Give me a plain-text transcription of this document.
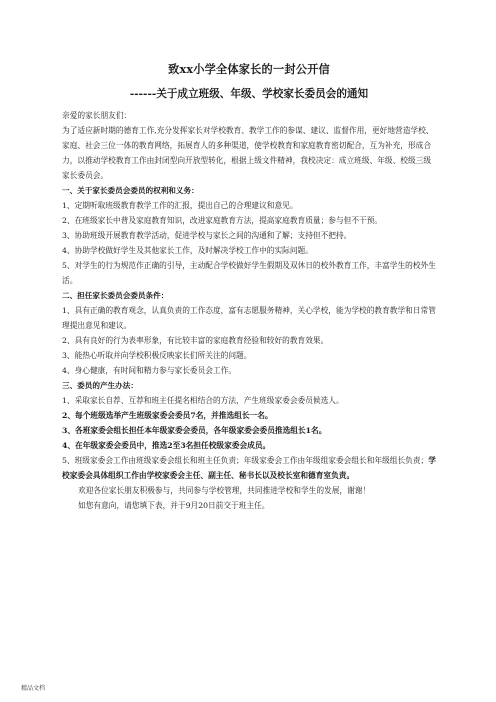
致xx小学全体家长的一封公开信
------关于成立班级、年级、学校家长委员会的通知

亲爱的家长朋友们：

为了适应新时期的德育工作,充分发挥家长对学校教育、教学工作的参谋、建议、监督作用，更好地营造学校、家庭、社会三位一体的教育网络，拓展育人的多种渠道，使学校教育和家庭教育密切配合，互为补充，形成合力，以推动学校教育工作由封闭型向开放型转化，根据上级文件精神，我校决定：成立班级、年级、校级三级家长委员会。

一、关于家长委员会委员的权利和义务：

1、定期听取班级教育教学工作的汇报，提出自己的合理建议和意见。

2、在班级家长中普及家庭教育知识，改进家庭教育方法，提高家庭教育质量；参与但不干预。

3、协助班级开展教育教学活动，促进学校与家长之间的沟通和了解；支持但不把持。

4、协助学校做好学生及其他家长工作，及时解决学校工作中的实际问题。

5、对学生的行为规范作正确的引导，主动配合学校做好学生假期及双休日的校外教育工作，丰富学生的校外生活。

二、担任家长委员会委员条件：

1、具有正确的教育观念，认真负责的工作态度，富有志愿服务精神，关心学校，能为学校的教育教学和日常管理提出意见和建议。

2、具有良好的行为表率形象，有比较丰富的家庭教育经验和较好的教育效果。

3、能热心听取并向学校积极反映家长们所关注的问题。

4、身心健康，有时间和精力参与家长委员会工作。

三、委员的产生办法：

1、采取家长自荐、互荐和班主任提名相结合的方法，产生班级家委会委员候选人。

2、每个班级选举产生班级家委会委员7名，并推选组长一名。

3、各班家委会组长担任本年级家委会委员，各年级家委会委员推选组长1名。

4、在年级家委会委员中，推选2至3名担任校级家委会成员。

5、班级家委会工作由班级家委会组长和班主任负责；年级家委会工作由年级组家委会组长和年级组长负责；学校家委会具体组织工作由学校家委会主任、副主任、秘书长以及校长室和德育室负责。

欢迎各位家长朋友积极参与，共同参与学校管理，共同推进学校和学生的发展，谢谢！

如您有意向，请您填下表，并于9月20日前交于班主任。

精品文档
